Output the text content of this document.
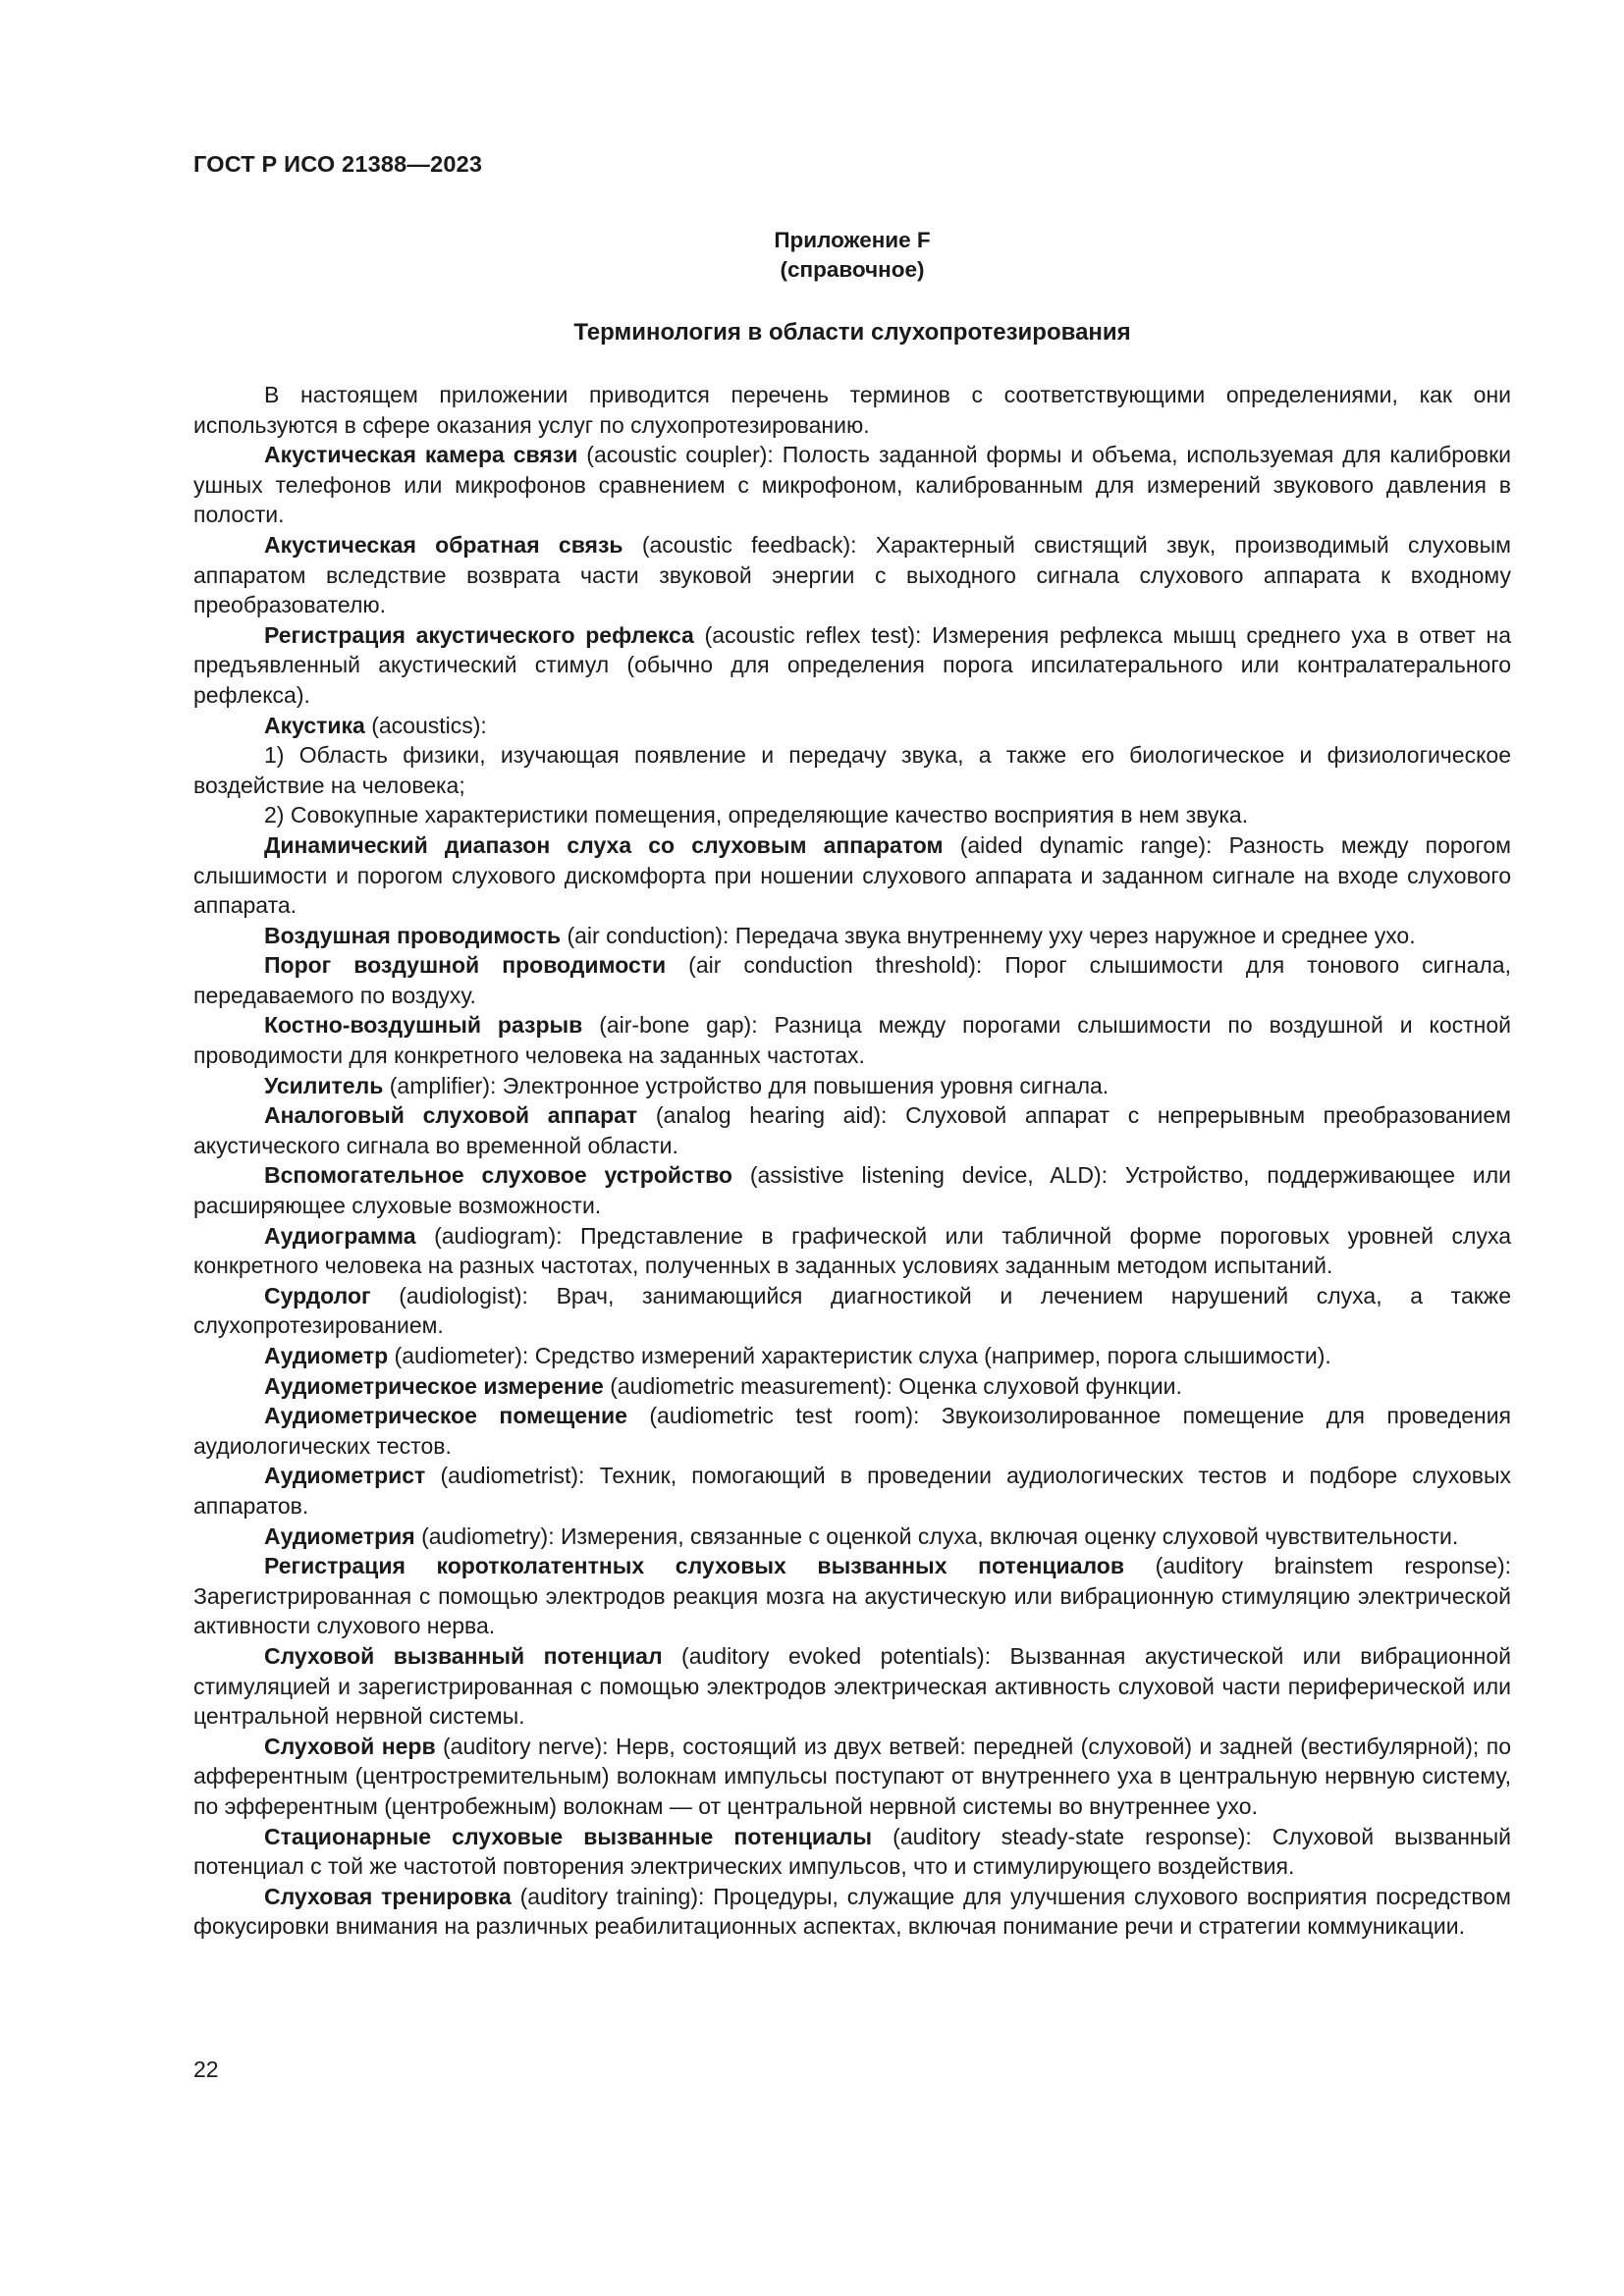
ГОСТ Р ИСО 21388—2023
Приложение F
(справочное)
Терминология в области слухопротезирования

В настоящем приложении приводится перечень терминов с соответствующими определениями, как они используются в сфере оказания услуг по слухопротезированию.

Акустическая камера связи (acoustic coupler): Полость заданной формы и объема, используемая для калибровки ушных телефонов или микрофонов сравнением с микрофоном, калиброванным для измерений звукового давления в полости.

Акустическая обратная связь (acoustic feedback): Характерный свистящий звук, производимый слуховым аппаратом вследствие возврата части звуковой энергии с выходного сигнала слухового аппарата к входному преобразователю.

Регистрация акустического рефлекса (acoustic reflex test): Измерения рефлекса мышц среднего уха в ответ на предъявленный акустический стимул (обычно для определения порога ипсилатерального или контралатерального рефлекса).

Акустика (acoustics):

1) Область физики, изучающая появление и передачу звука, а также его биологическое и физиологическое воздействие на человека;

2) Совокупные характеристики помещения, определяющие качество восприятия в нем звука.

Динамический диапазон слуха со слуховым аппаратом (aided dynamic range): Разность между порогом слышимости и порогом слухового дискомфорта при ношении слухового аппарата и заданном сигнале на входе слухового аппарата.

Воздушная проводимость (air conduction): Передача звука внутреннему уху через наружное и среднее ухо.

Порог воздушной проводимости (air conduction threshold): Порог слышимости для тонового сигнала, передаваемого по воздуху.

Костно-воздушный разрыв (air-bone gap): Разница между порогами слышимости по воздушной и костной проводимости для конкретного человека на заданных частотах.

Усилитель (amplifier): Электронное устройство для повышения уровня сигнала.

Аналоговый слуховой аппарат (analog hearing aid): Слуховой аппарат с непрерывным преобразованием акустического сигнала во временной области.

Вспомогательное слуховое устройство (assistive listening device, ALD): Устройство, поддерживающее или расширяющее слуховые возможности.

Аудиограмма (audiogram): Представление в графической или табличной форме пороговых уровней слуха конкретного человека на разных частотах, полученных в заданных условиях заданным методом испытаний.

Сурдолог (audiologist): Врач, занимающийся диагностикой и лечением нарушений слуха, а также слухопротезированием.

Аудиометр (audiometer): Средство измерений характеристик слуха (например, порога слышимости).

Аудиометрическое измерение (audiometric measurement): Оценка слуховой функции.

Аудиометрическое помещение (audiometric test room): Звукоизолированное помещение для проведения аудиологических тестов.

Аудиометрист (audiometrist): Техник, помогающий в проведении аудиологических тестов и подборе слуховых аппаратов.

Аудиометрия (audiometry): Измерения, связанные с оценкой слуха, включая оценку слуховой чувствительности.

Регистрация коротколатентных слуховых вызванных потенциалов (auditory brainstem response): Зарегистрированная с помощью электродов реакция мозга на акустическую или вибрационную стимуляцию электрической активности слухового нерва.

Слуховой вызванный потенциал (auditory evoked potentials): Вызванная акустической или вибрационной стимуляцией и зарегистрированная с помощью электродов электрическая активность слуховой части периферической или центральной нервной системы.

Слуховой нерв (auditory nerve): Нерв, состоящий из двух ветвей: передней (слуховой) и задней (вестибулярной); по афферентным (центростремительным) волокнам импульсы поступают от внутреннего уха в центральную нервную систему, по эфферентным (центробежным) волокнам — от центральной нервной системы во внутреннее ухо.

Стационарные слуховые вызванные потенциалы (auditory steady-state response): Слуховой вызванный потенциал с той же частотой повторения электрических импульсов, что и стимулирующего воздействия.

Слуховая тренировка (auditory training): Процедуры, служащие для улучшения слухового восприятия посредством фокусировки внимания на различных реабилитационных аспектах, включая понимание речи и стратегии коммуникации.

22
